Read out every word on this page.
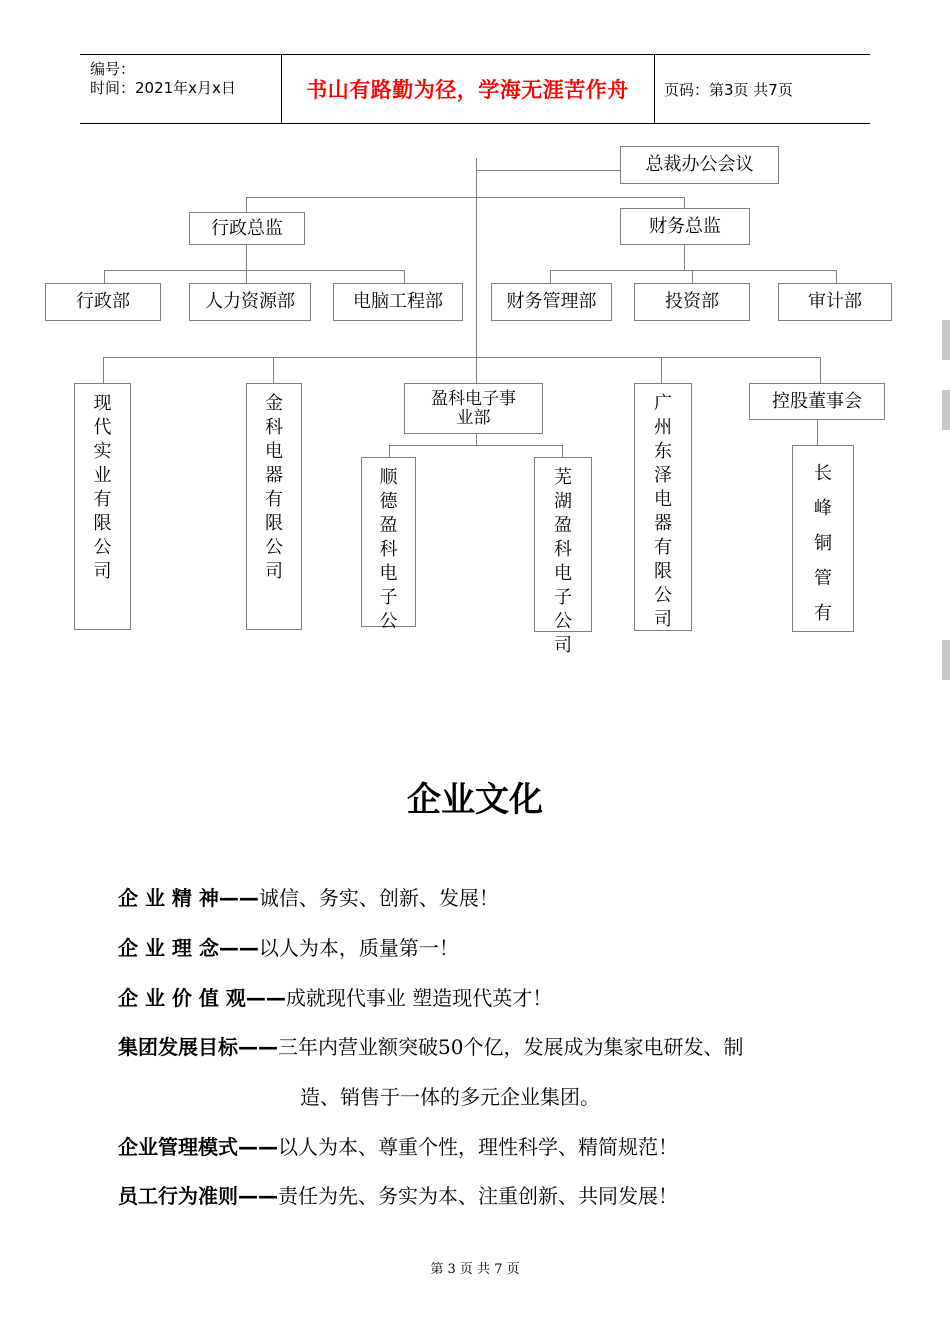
编号：
时间：2021年x月x日	书山有路勤为径，学海无涯苦作舟 页码：第3页 共7页
总裁办公会议
行政总监	财务总监
行政部	人力资源部	电脑工程部	财务管理部	投资部	审计部
现代实业有限公司
金科电器有限公司
盈科电子事业部
顺德盈科电子公
芜湖盈科电子公司
广州东泽电器有限公司
控股董事会
长峰铜管有
企业文化
企 业 精 神——诚信、务实、创新、发展！
企 业 理 念——以人为本，质量第一！
企 业 价 值 观——成就现代事业 塑造现代英才！
集团发展目标——三年内营业额突破50个亿，发展成为集家电研发、制
造、销售于一体的多元企业集团。
企业管理模式——以人为本、尊重个性，理性科学、精简规范！
员工行为准则——责任为先、务实为本、注重创新、共同发展！
第 3 页 共 7 页
